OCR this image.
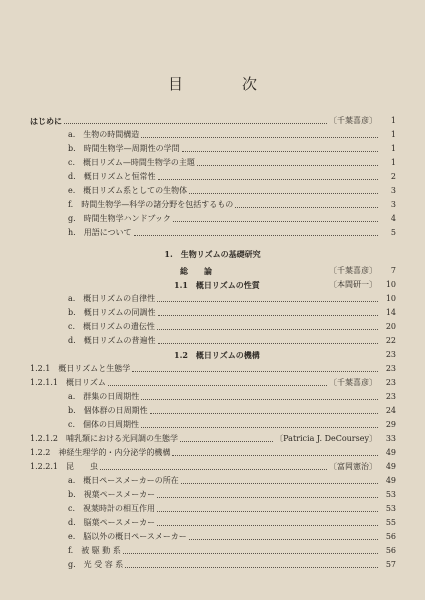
目　次
はじめに	〔千葉喜彦〕	1
a.　生物の時間構造	1
b.　時間生物学—周期性の学問	1
c.　概日リズム—時間生物学の主題	1
d.　概日リズムと恒常性	2
e.　概日リズム系としての生物体	3
f.　時間生物学—科学の諸分野を包括するもの	3
g.　時間生物学ハンドブック	4
h.　用語について	5
1.　生物リズムの基礎研究
総　　論	〔千葉喜彦〕	7
1.1　概日リズムの性質	〔本間研一〕	10
a.　概日リズムの自律性	10
b.　概日リズムの同調性	14
c.　概日リズムの遺伝性	20
d.　概日リズムの普遍性	22
1.2　概日リズムの機構	23
1.2.1　概日リズムと生態学	23
1.2.1.1　概日リズム	〔千葉喜彦〕	23
a.　群集の日周期性	23
b.　個体群の日周期性	24
c.　個体の日周期性	29
1.2.1.2　哺乳類における光同調の生態学	〔Patricia J. DeCoursey〕	33
1.2.2　神経生理学的・内分泌学的機構	49
1.2.2.1　昆　　虫	〔富岡憲治〕	49
a.　概日ペースメーカーの所在	49
b.　視葉ペースメーカー	53
c.　視葉時計の相互作用	53
d.　脳葉ペースメーカー	55
e.　脳以外の概日ペースメーカー	56
f.　被 駆 動 系	56
g.　光 受 容 系	57
